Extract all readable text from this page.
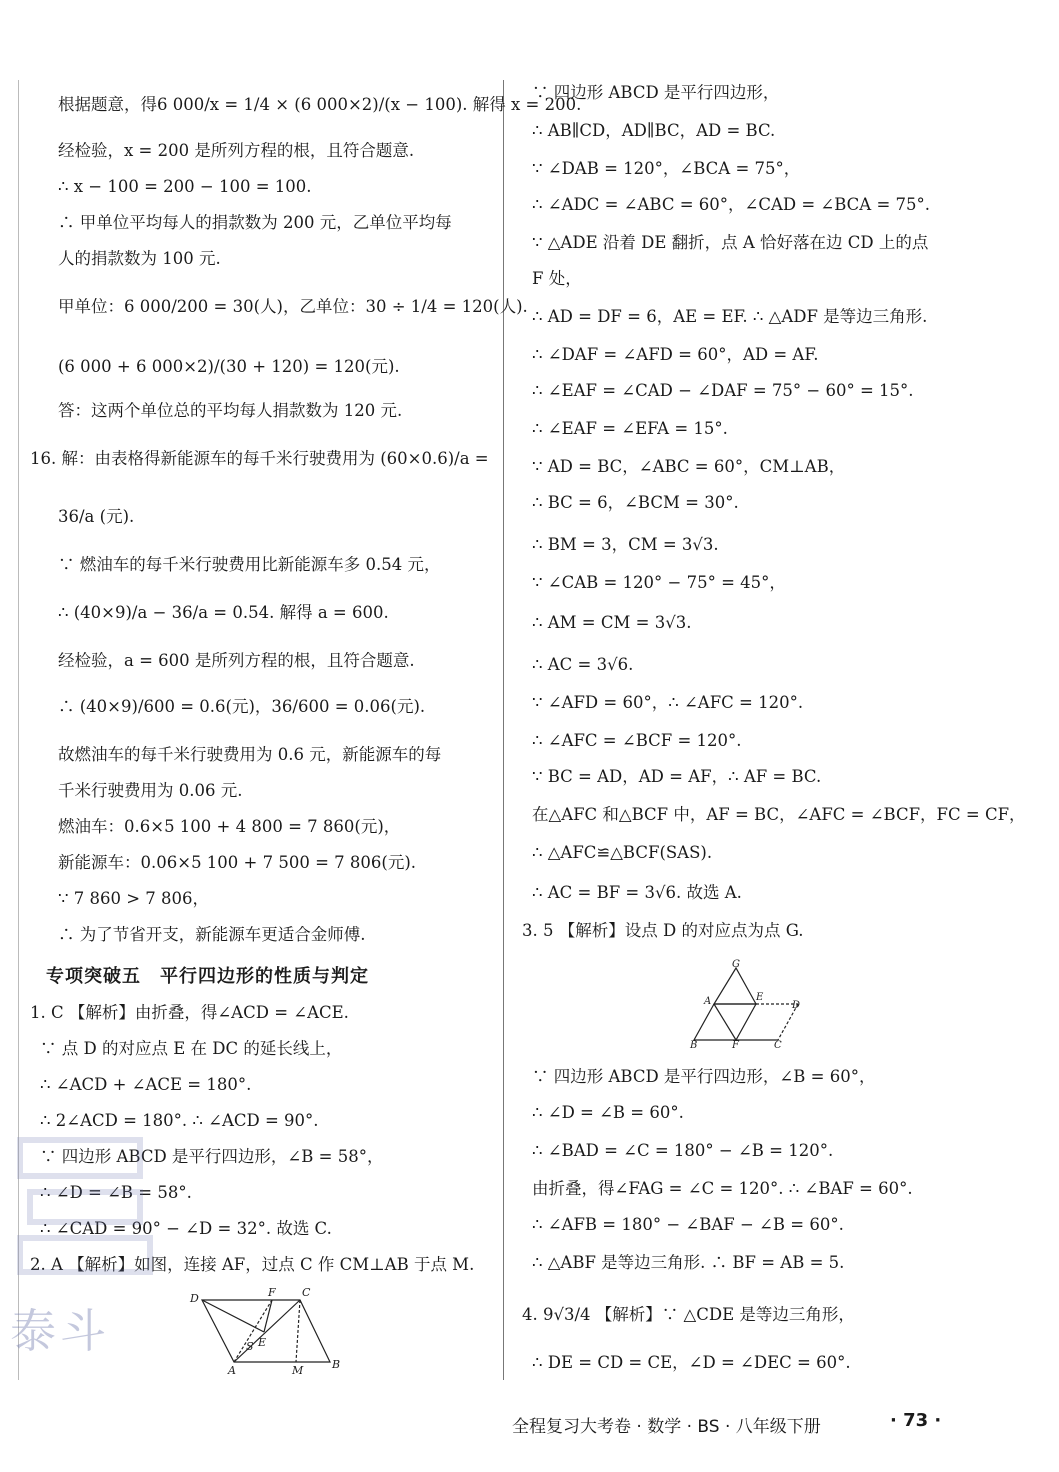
根据题意，得6 000/x = 1/4 × (6 000×2)/(x − 100). 解得 x = 200.
经检验，x = 200 是所列方程的根，且符合题意.
∴ x − 100 = 200 − 100 = 100.
∴ 甲单位平均每人的捐款数为 200 元，乙单位平均每
人的捐款数为 100 元.
甲单位：6 000/200 = 30(人)，乙单位：30 ÷ 1/4 = 120(人).
(6 000 + 6 000×2)/(30 + 120) = 120(元).
答：这两个单位总的平均每人捐款数为 120 元.
16. 解：由表格得新能源车的每千米行驶费用为 (60×0.6)/a =
36/a (元).
∵ 燃油车的每千米行驶费用比新能源车多 0.54 元，
∴ (40×9)/a − 36/a = 0.54. 解得 a = 600.
经检验，a = 600 是所列方程的根，且符合题意.
∴ (40×9)/600 = 0.6(元)，36/600 = 0.06(元).
故燃油车的每千米行驶费用为 0.6 元，新能源车的每
千米行驶费用为 0.06 元.
燃油车：0.6×5 100 + 4 800 = 7 860(元)，
新能源车：0.06×5 100 + 7 500 = 7 806(元).
∵ 7 860 > 7 806，
∴ 为了节省开支，新能源车更适合金师傅.
1. C 【解析】由折叠，得∠ACD = ∠ACE.
∵ 点 D 的对应点 E 在 DC 的延长线上，
∴ ∠ACD + ∠ACE = 180°.
∴ 2∠ACD = 180°. ∴ ∠ACD = 90°.
∵ 四边形 ABCD 是平行四边形，∠B = 58°，
∴ ∠D = ∠B = 58°.
∴ ∠CAD = 90° − ∠D = 32°. 故选 C.
2. A 【解析】如图，连接 AF，过点 C 作 CM⊥AB 于点 M.
∵ 四边形 ABCD 是平行四边形，
∴ AB∥CD，AD∥BC，AD = BC.
∵ ∠DAB = 120°，∠BCA = 75°，
∴ ∠ADC = ∠ABC = 60°，∠CAD = ∠BCA = 75°.
∵ △ADE 沿着 DE 翻折，点 A 恰好落在边 CD 上的点
F 处，
∴ AD = DF = 6，AE = EF. ∴ △ADF 是等边三角形.
∴ ∠DAF = ∠AFD = 60°，AD = AF.
∴ ∠EAF = ∠CAD − ∠DAF = 75° − 60° = 15°.
∴ ∠EAF = ∠EFA = 15°.
∵ AD = BC，∠ABC = 60°，CM⊥AB，
∴ BC = 6，∠BCM = 30°.
∴ BM = 3，CM = 3√3.
∵ ∠CAB = 120° − 75° = 45°，
∴ AM = CM = 3√3.
∴ AC = 3√6.
∵ ∠AFD = 60°，∴ ∠AFC = 120°.
∴ ∠AFC = ∠BCF = 120°.
∵ BC = AD，AD = AF，∴ AF = BC.
在△AFC 和△BCF 中，AF = BC，∠AFC = ∠BCF，FC = CF，
∴ △AFC≌△BCF(SAS).
∴ AC = BF = 3√6. 故选 A.
3. 5 【解析】设点 D 的对应点为点 G.
∵ 四边形 ABCD 是平行四边形，∠B = 60°，
∴ ∠D = ∠B = 60°.
∴ ∠BAD = ∠C = 180° − ∠B = 120°.
由折叠，得∠FAG = ∠C = 120°. ∴ ∠BAF = 60°.
∴ ∠AFB = 180° − ∠BAF − ∠B = 60°.
∴ △ABF 是等边三角形. ∴ BF = AB = 5.
4. 9√3/4 【解析】∵ △CDE 是等边三角形，
∴ DE = CD = CE，∠D = ∠DEC = 60°.
专项突破五　平行四边形的性质与判定
D	F
S
C
E
A	M	B
G
A	E
D
B	F	C
泰斗
全程复习大考卷 · 数学 · BS · 八年级下册	· 73 ·
